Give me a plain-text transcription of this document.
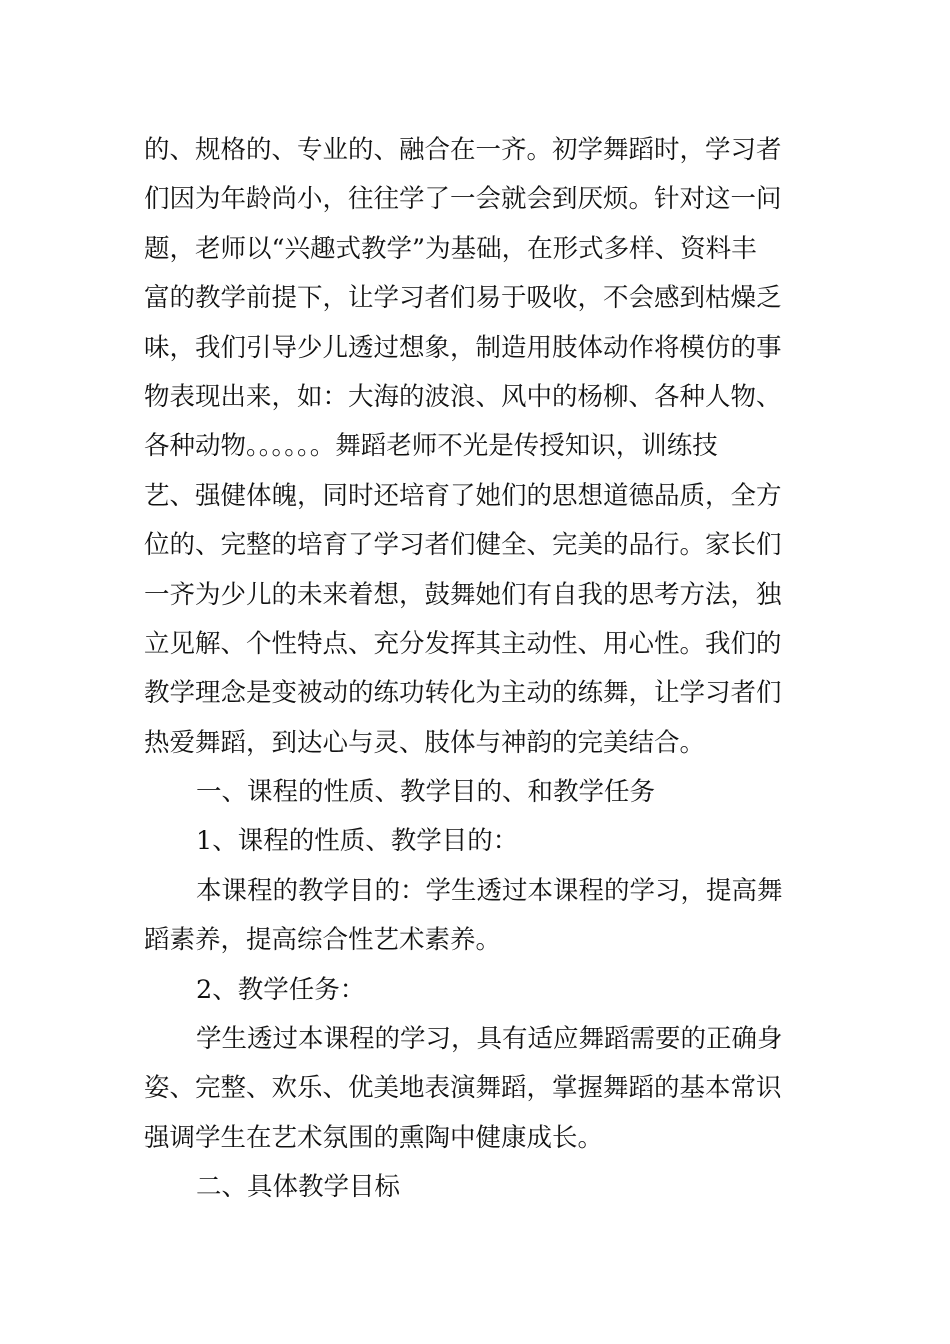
的、规格的、专业的、融合在一齐。初学舞蹈时，学习者
们因为年龄尚小，往往学了一会就会到厌烦。针对这一问
题，老师以“兴趣式教学”为基础，在形式多样、资料丰
富的教学前提下，让学习者们易于吸收，不会感到枯燥乏
味，我们引导少儿透过想象，制造用肢体动作将模仿的事
物表现出来，如：大海的波浪、风中的杨柳、各种人物、
各种动物。。。。。。舞蹈老师不光是传授知识，训练技
艺、强健体魄，同时还培育了她们的思想道德品质，全方
位的、完整的培育了学习者们健全、完美的品行。家长们
一齐为少儿的未来着想，鼓舞她们有自我的思考方法，独
立见解、个性特点、充分发挥其主动性、用心性。我们的
教学理念是变被动的练功转化为主动的练舞，让学习者们
热爱舞蹈，到达心与灵、肢体与神韵的完美结合。
一、课程的性质、教学目的、和教学任务
1、课程的性质、教学目的：
本课程的教学目的：学生透过本课程的学习，提高舞
蹈素养，提高综合性艺术素养。
2、教学任务：
学生透过本课程的学习，具有适应舞蹈需要的正确身
姿、完整、欢乐、优美地表演舞蹈，掌握舞蹈的基本常识
强调学生在艺术氛围的熏陶中健康成长。
二、具体教学目标
